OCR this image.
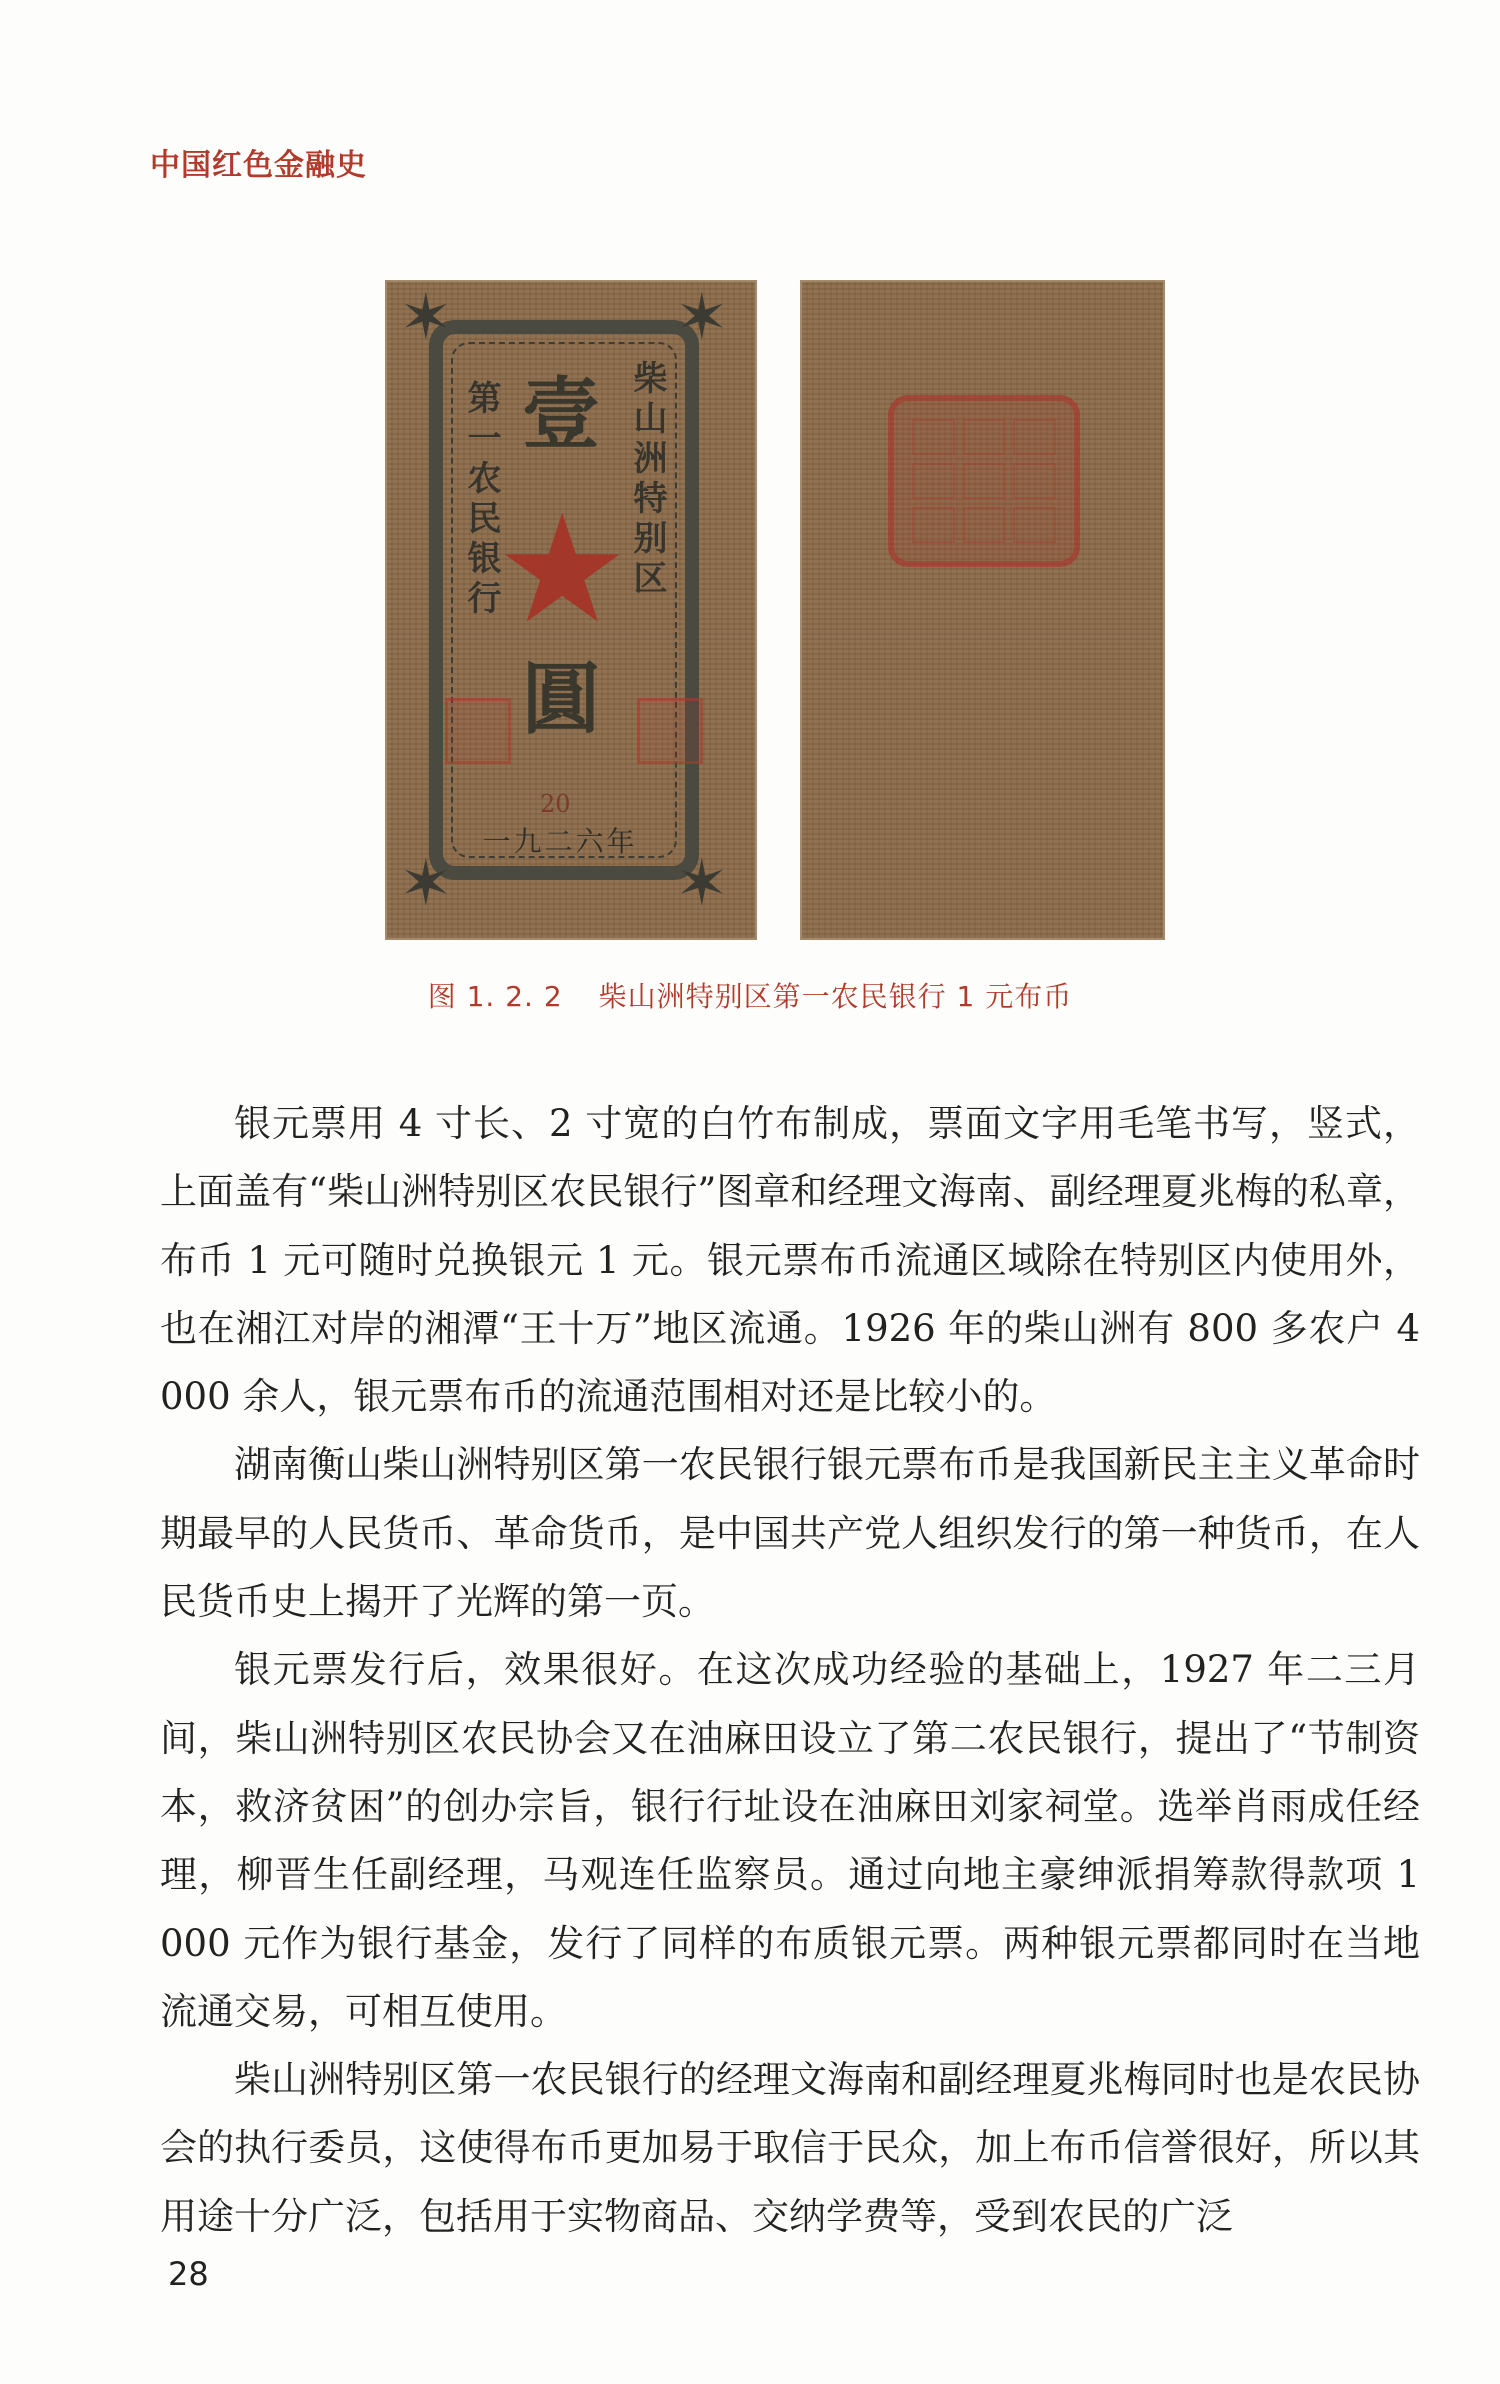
中国红色金融史
✶	✶
✶	✶
壹
★
圓
第一农民银行	柴山洲特别区
20
一九二六年
图 1. 2. 2 柴山洲特别区第一农民银行 1 元布币

银元票用 4 寸长、2 寸宽的白竹布制成，票面文字用毛笔书写，竖式，上面盖有“柴山洲特别区农民银行”图章和经理文海南、副经理夏兆梅的私章，布币 1 元可随时兑换银元 1 元。银元票布币流通区域除在特别区内使用外，也在湘江对岸的湘潭“王十万”地区流通。1926 年的柴山洲有 800 多农户 4 000 余人，银元票布币的流通范围相对还是比较小的。

湖南衡山柴山洲特别区第一农民银行银元票布币是我国新民主主义革命时期最早的人民货币、革命货币，是中国共产党人组织发行的第一种货币，在人民货币史上揭开了光辉的第一页。

银元票发行后，效果很好。在这次成功经验的基础上，1927 年二三月间，柴山洲特别区农民协会又在油麻田设立了第二农民银行，提出了“节制资本，救济贫困”的创办宗旨，银行行址设在油麻田刘家祠堂。选举肖雨成任经理，柳晋生任副经理，马观连任监察员。通过向地主豪绅派捐筹款得款项 1 000 元作为银行基金，发行了同样的布质银元票。两种银元票都同时在当地流通交易，可相互使用。

柴山洲特别区第一农民银行的经理文海南和副经理夏兆梅同时也是农民协会的执行委员，这使得布币更加易于取信于民众，加上布币信誉很好，所以其用途十分广泛，包括用于实物商品、交纳学费等，受到农民的广泛

28
